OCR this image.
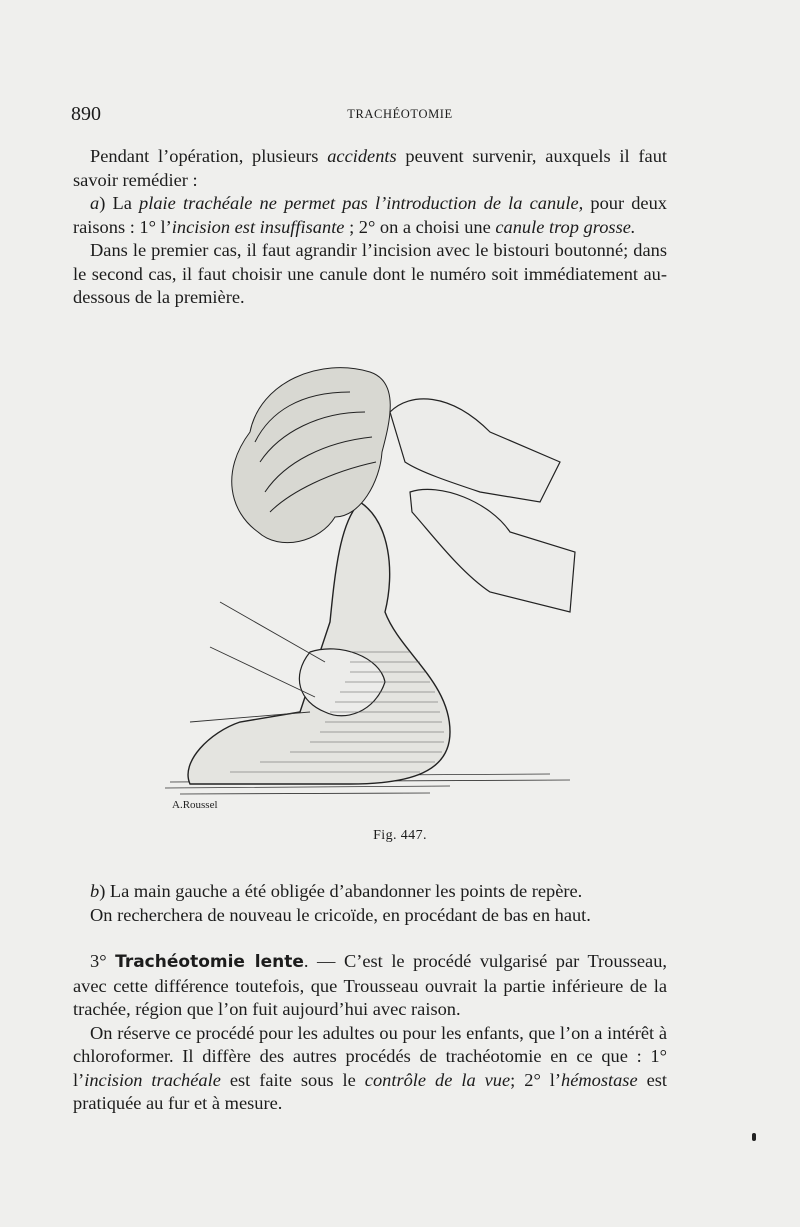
890	TRACHÉOTOMIE

Pendant l’opération, plusieurs accidents peuvent survenir, auxquels il faut savoir remédier :

a) La plaie trachéale ne permet pas l’introduction de la canule, pour deux raisons : 1° l’incision est insuffisante ; 2° on a choisi une canule trop grosse.

Dans le premier cas, il faut agrandir l’incision avec le bistouri boutonné; dans le second cas, il faut choisir une canule dont le numéro soit immédiatement au-dessous de la première.

A.Roussel
Fig. 447.

b) La main gauche a été obligée d’abandonner les points de repère.

On recherchera de nouveau le cricoïde, en procédant de bas en haut.

3° Trachéotomie lente. — C’est le procédé vulgarisé par Trousseau, avec cette différence toutefois, que Trousseau ouvrait la partie inférieure de la trachée, région que l’on fuit aujourd’hui avec raison.

On réserve ce procédé pour les adultes ou pour les enfants, que l’on a intérêt à chloroformer. Il diffère des autres procédés de trachéotomie en ce que : 1° l’incision trachéale est faite sous le contrôle de la vue; 2° l’hémostase est pratiquée au fur et à mesure.
